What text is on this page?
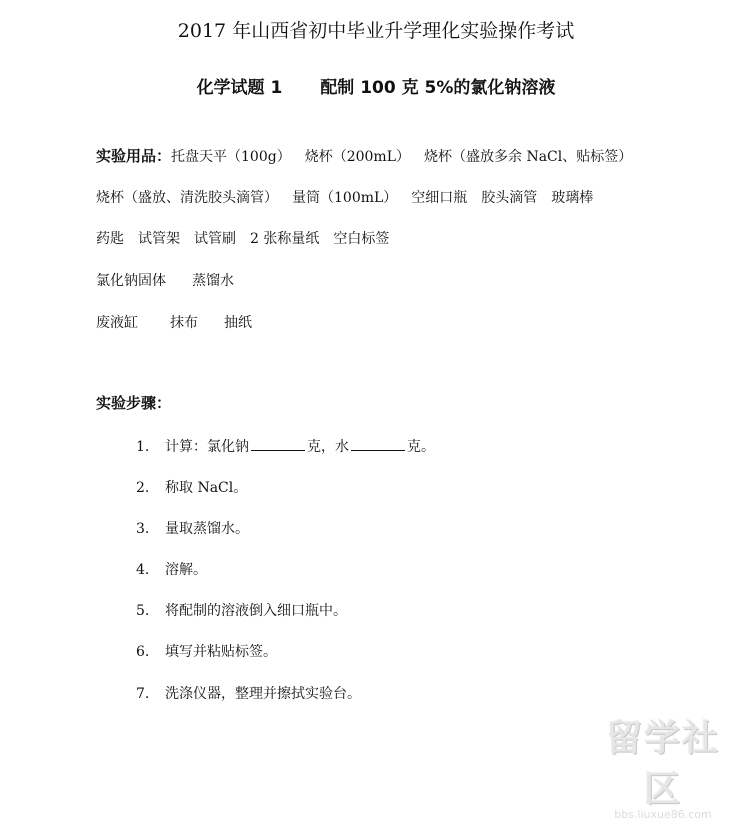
2017 年山西省初中毕业升学理化实验操作考试
化学试题 1 配制 100 克 5%的氯化钠溶液
实验用品：托盘天平（100g） 烧杯（200mL） 烧杯（盛放多余 NaCl、贴标签）
烧杯（盛放、清洗胶头滴管） 量筒（100mL） 空细口瓶 胶头滴管 玻璃棒
药匙 试管架 试管刷 2 张称量纸 空白标签
氯化钠固体 蒸馏水
废液缸 抹布 抽纸
实验步骤：
1. 计算：氯化钠	克，水	克。
2. 称取 NaCl。
3. 量取蒸馏水。
4. 溶解。
5. 将配制的溶液倒入细口瓶中。
6. 填写并粘贴标签。
7. 洗涤仪器，整理并擦拭实验台。
留学社区
bbs.liuxue86.com
